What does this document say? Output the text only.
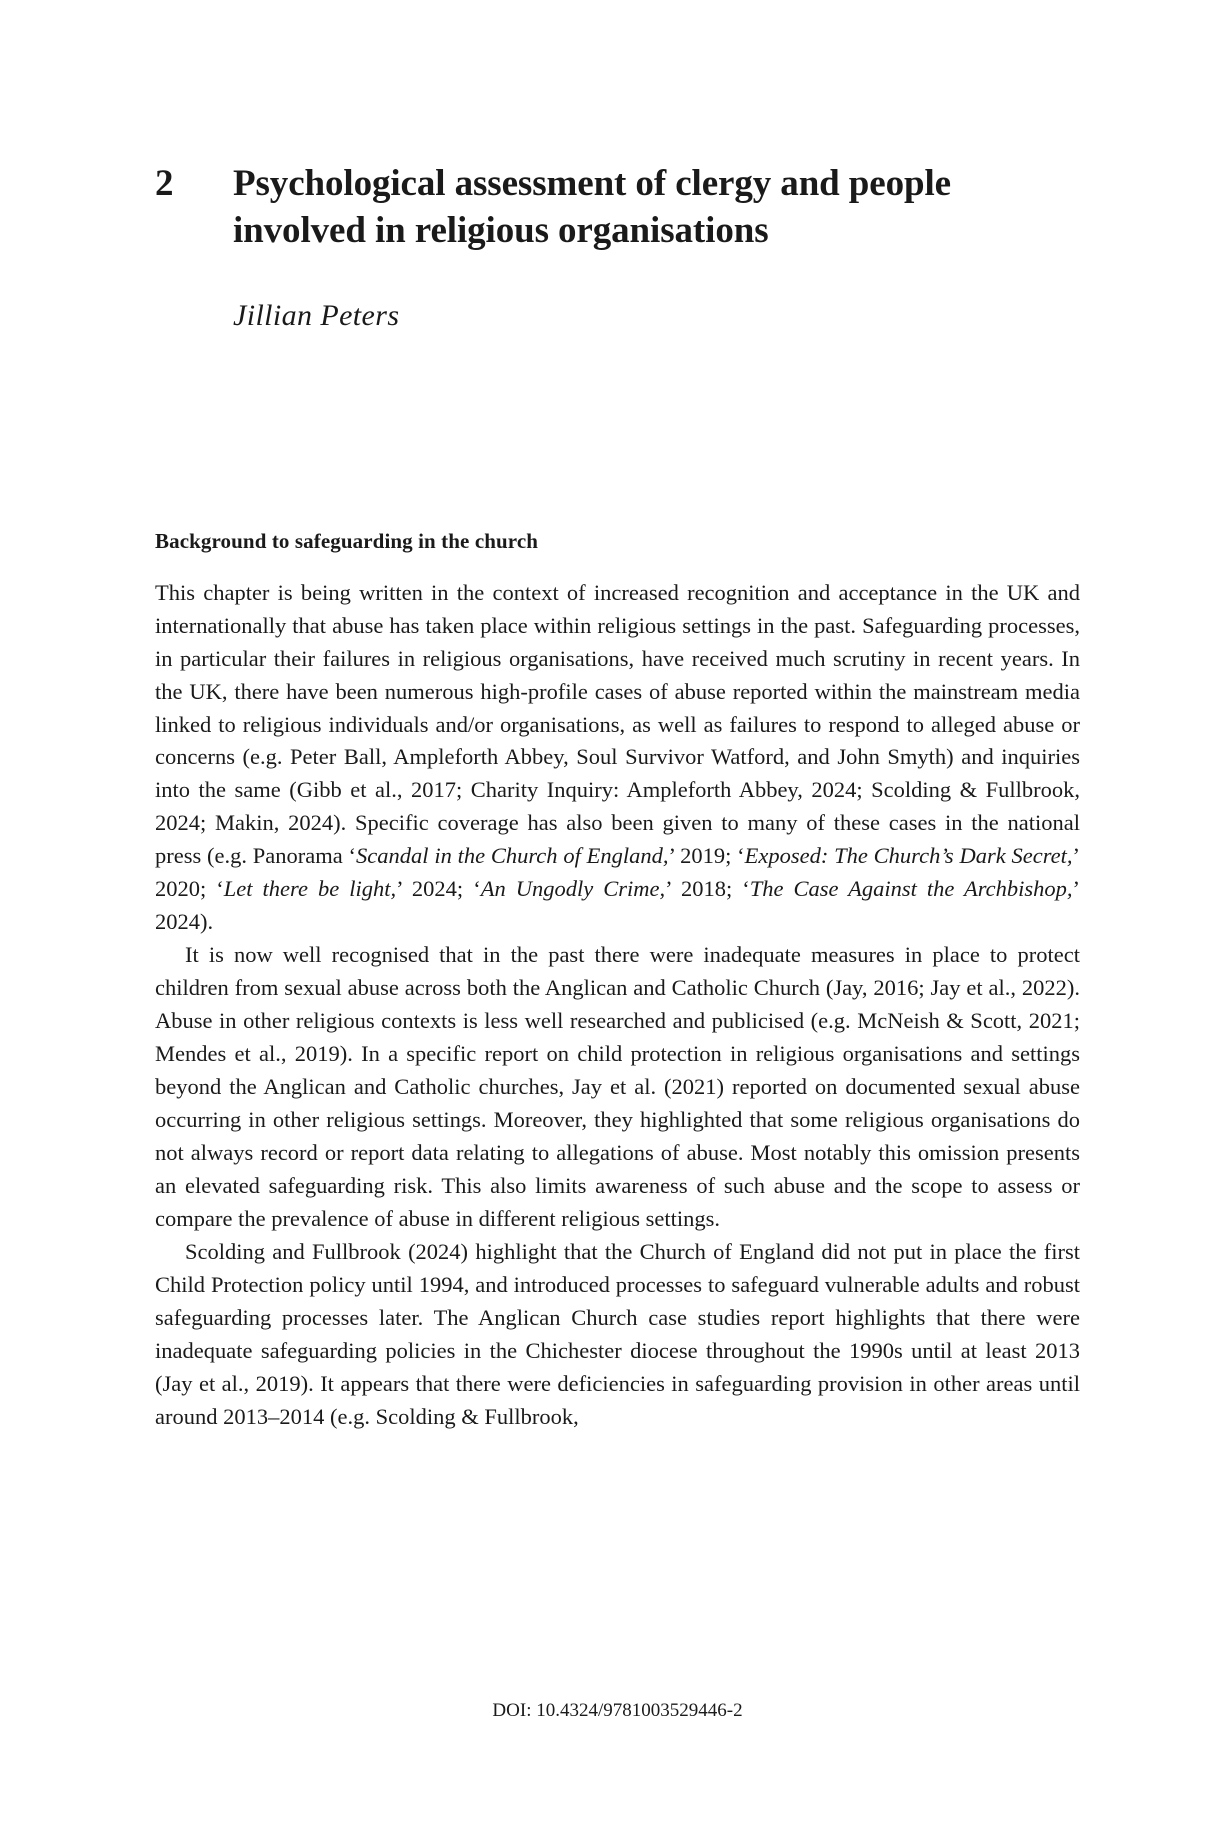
2	Psychological assessment of clergy and people involved in religious organisations
Jillian Peters
Background to safeguarding in the church

This chapter is being written in the context of increased recognition and acceptance in the UK and internationally that abuse has taken place within religious settings in the past. Safeguarding processes, in particular their failures in religious organisations, have received much scrutiny in recent years. In the UK, there have been numerous high-profile cases of abuse reported within the mainstream media linked to religious individuals and/or organisations, as well as failures to respond to alleged abuse or concerns (e.g. Peter Ball, Ampleforth Abbey, Soul Survivor Watford, and John Smyth) and inquiries into the same (Gibb et al., 2017; Charity Inquiry: Ampleforth Abbey, 2024; Scolding & Fullbrook, 2024; Makin, 2024). Specific coverage has also been given to many of these cases in the national press (e.g. Panorama ‘Scandal in the Church of England,’ 2019; ‘Exposed: The Church’s Dark Secret,’ 2020; ‘Let there be light,’ 2024; ‘An Ungodly Crime,’ 2018; ‘The Case Against the Archbishop,’ 2024).

It is now well recognised that in the past there were inadequate measures in place to protect children from sexual abuse across both the Anglican and Catholic Church (Jay, 2016; Jay et al., 2022). Abuse in other religious contexts is less well researched and publicised (e.g. McNeish & Scott, 2021; Mendes et al., 2019). In a specific report on child protection in religious organisations and settings beyond the Anglican and Catholic churches, Jay et al. (2021) reported on documented sexual abuse occurring in other religious settings. Moreover, they highlighted that some religious organisations do not always record or report data relating to allegations of abuse. Most notably this omission presents an elevated safeguarding risk. This also limits awareness of such abuse and the scope to assess or compare the prevalence of abuse in different religious settings.

Scolding and Fullbrook (2024) highlight that the Church of England did not put in place the first Child Protection policy until 1994, and introduced processes to safeguard vulnerable adults and robust safeguarding processes later. The Anglican Church case studies report highlights that there were inadequate safeguarding policies in the Chichester diocese throughout the 1990s until at least 2013 (Jay et al., 2019). It appears that there were deficiencies in safeguarding provision in other areas until around 2013–2014 (e.g. Scolding & Fullbrook,

DOI: 10.4324/9781003529446-2
